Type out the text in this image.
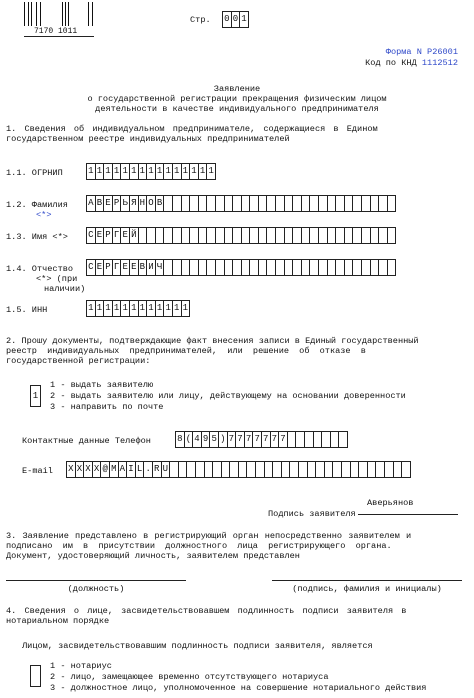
7170 1011
Стр. 0 0 1
Форма N Р26001
Код по КНД 1112512
Заявление
о государственной регистрации прекращения физическим лицом
деятельности в качестве индивидуального предпринимателя
1. Сведения об индивидуальном предпринимателе, содержащиеся в Едином
государственном реестре индивидуальных предпринимателей
1.1. ОГРНИП	1 1 1 1 1 1 1 1 1 1 1 1 1 1 1
1.2. Фамилия
<*>
А В Е Р Ь Я Н О В
1.3. Имя <*> С Е Р Г Е Й
1.4. Отчество
<*> (при
наличии)
С Е Р Г Е Е В И Ч
1.5. ИНН	1 1 1 1 1 1 1 1 1 1 1 1
2. Прошу документы, подтверждающие факт внесения записи в Единый государственный
реестр индивидуальных предпринимателей, или решение об отказе в
государственной регистрации:
1
1 - выдать заявителю
2 - выдать заявителю или лицу, действующему на основании доверенности
3 - направить по почте
Контактные данные Телефон	8 ( 4 9 5 ) 7 7 7 7 7 7 7
E-mail X X X X @ M A I L . R U
Аверьянов
Подпись заявителя
3. Заявление представлено в регистрирующий орган непосредственно заявителем и
подписано им в присутствии должностного лица регистрирующего органа.
Документ, удостоверяющий личность, заявителем представлен
(должность)	(подпись, фамилия и инициалы)
4. Сведения о лице, засвидетельствовавшем подлинность подписи заявителя в
нотариальном порядке
Лицом, засвидетельствовавшим подлинность подписи заявителя, является
1 - нотариус
2 - лицо, замещающее временно отсутствующего нотариуса
3 - должностное лицо, уполномоченное на совершение нотариального действия
